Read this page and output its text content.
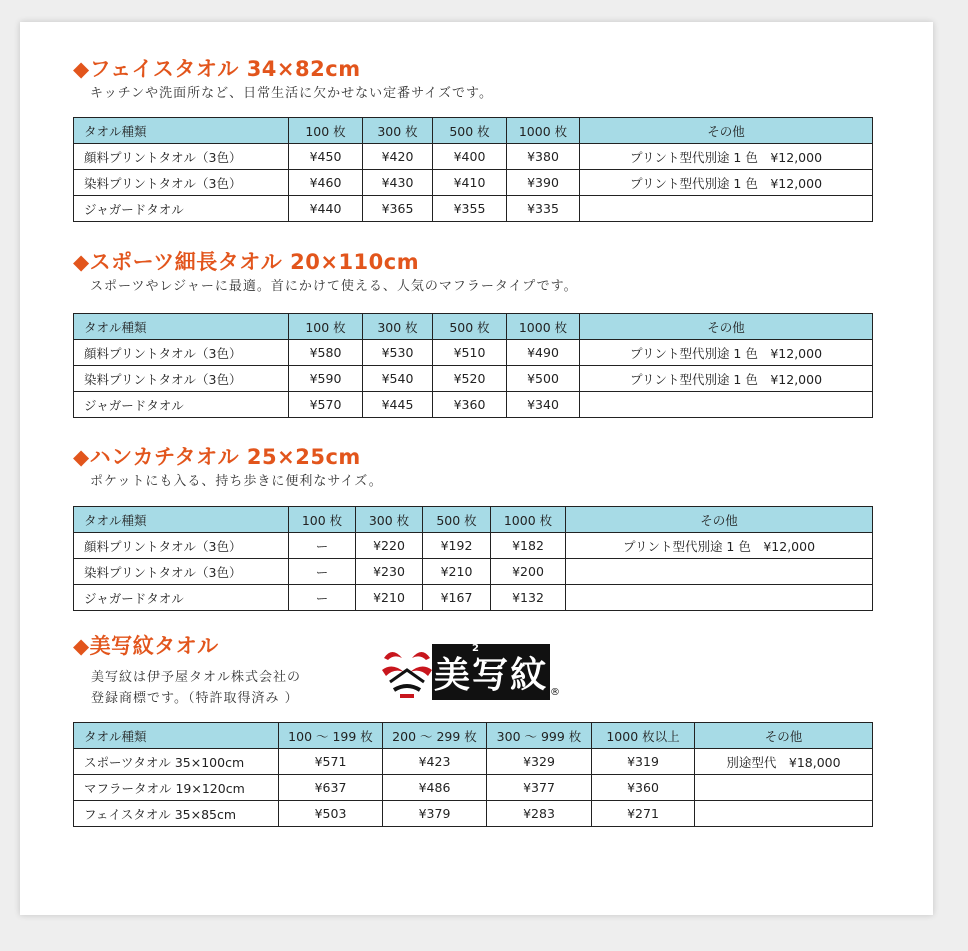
◆フェイスタオル 34×82cm
キッチンや洗面所など、日常生活に欠かせない定番サイズです。
タオル種類	100 枚	300 枚	500 枚	1000 枚	その他
顔料プリントタオル（3色）	¥450	¥420	¥400	¥380	プリント型代別途 1 色　¥12,000
染料プリントタオル（3色）	¥460	¥430	¥410	¥390	プリント型代別途 1 色　¥12,000
ジャガードタオル	¥440	¥365	¥355	¥335	
◆スポーツ細長タオル 20×110cm
スポーツやレジャーに最適。首にかけて使える、人気のマフラータイプです。
タオル種類	100 枚	300 枚	500 枚	1000 枚	その他
顔料プリントタオル（3色）	¥580	¥530	¥510	¥490	プリント型代別途 1 色　¥12,000
染料プリントタオル（3色）	¥590	¥540	¥520	¥500	プリント型代別途 1 色　¥12,000
ジャガードタオル	¥570	¥445	¥360	¥340	
◆ハンカチタオル 25×25cm
ポケットにも入る、持ち歩きに便利なサイズ。
タオル種類	100 枚	300 枚	500 枚	1000 枚	その他
顔料プリントタオル（3色）	ー	¥220	¥192	¥182	プリント型代別途 1 色　¥12,000
染料プリントタオル（3色）	ー	¥230	¥210	¥200	
ジャガードタオル	ー	¥210	¥167	¥132	
◆美写紋タオル
美写紋は伊予屋タオル株式会社の
登録商標です。（特許取得済み ）
美写紋
2
®
タオル種類	100 〜 199 枚	200 〜 299 枚	300 〜 999 枚	1000 枚以上	その他
スポーツタオル 35×100cm	¥571	¥423	¥329	¥319	別途型代　¥18,000
マフラータオル 19×120cm	¥637	¥486	¥377	¥360	
フェイスタオル 35×85cm	¥503	¥379	¥283	¥271	
